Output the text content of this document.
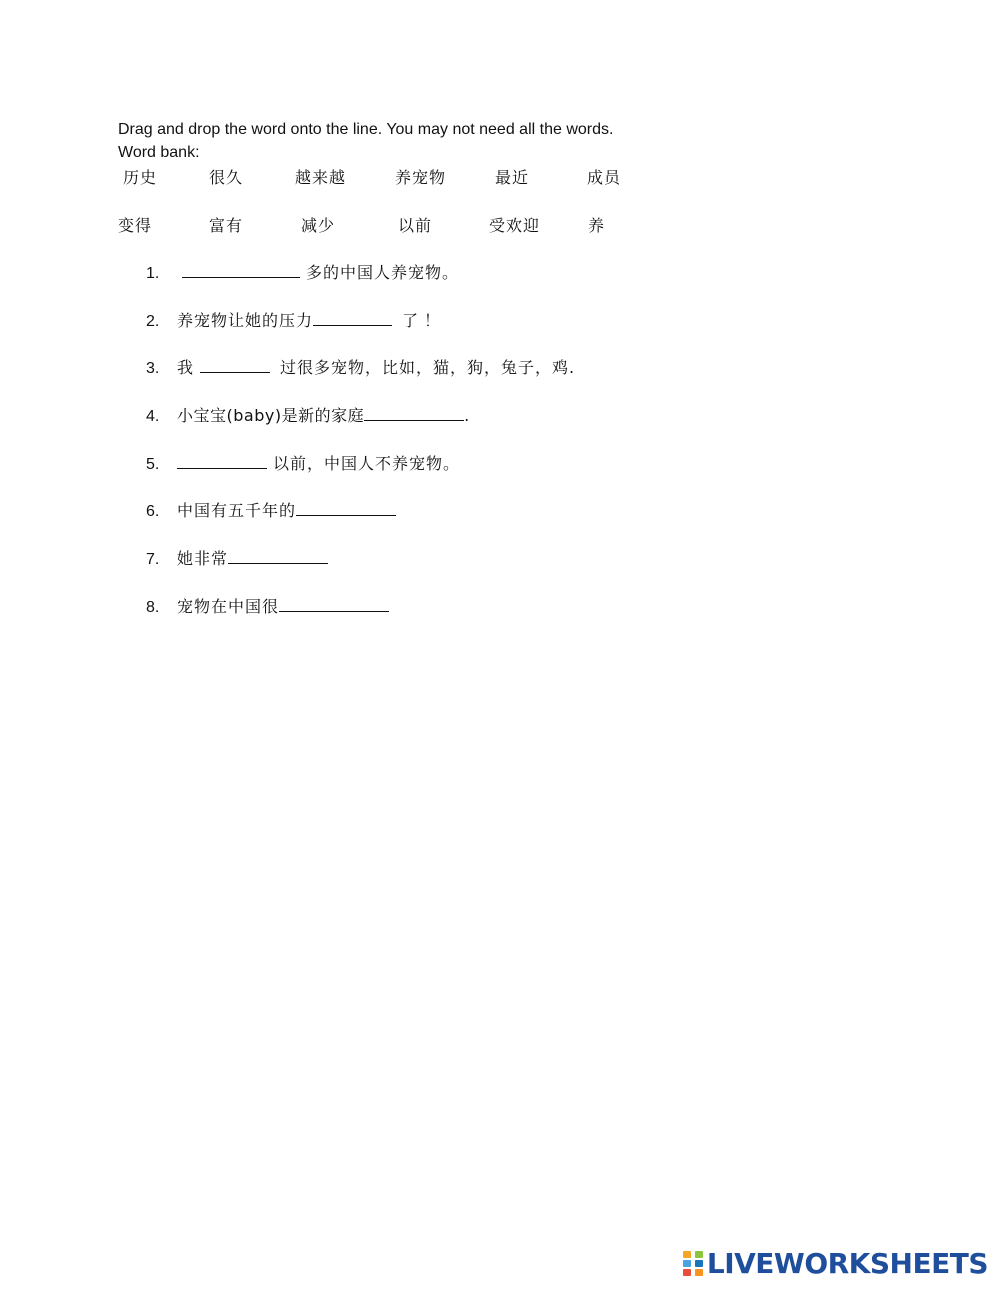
Drag and drop the word onto the line. You may not need all the words.
Word bank:
历史	很久	越来越	养宠物	最近	成员
变得	富有	减少	以前	受欢迎	养
1.	多的中国人养宠物。
2.	养宠物让她的压力	了！
3.	我	过很多宠物，比如，猫，狗，兔子，鸡.
4.	小宝宝(baby)是新的家庭	.
5.	以前，中国人不养宠物。
6.	中国有五千年的
7.	她非常
8.	宠物在中国很
LIVEWORKSHEETS
